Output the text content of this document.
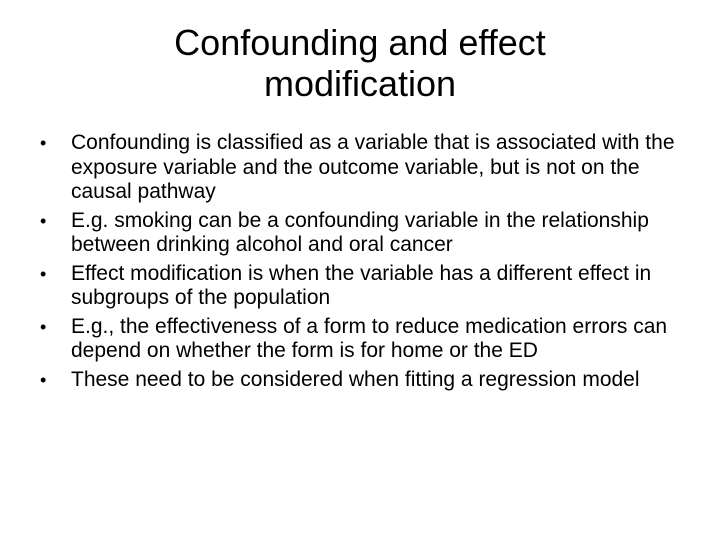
Confounding and effect
modification
•	Confounding is classified as a variable that is associated with the exposure variable and the outcome variable, but is not on the causal pathway
•	E.g. smoking can be a confounding variable in the relationship between drinking alcohol and oral cancer
•	Effect modification is when the variable has a different effect in subgroups of the population
•	E.g., the effectiveness of a form to reduce medication errors can depend on whether the form is for home or the ED
•	These need to be considered when fitting a regression model
